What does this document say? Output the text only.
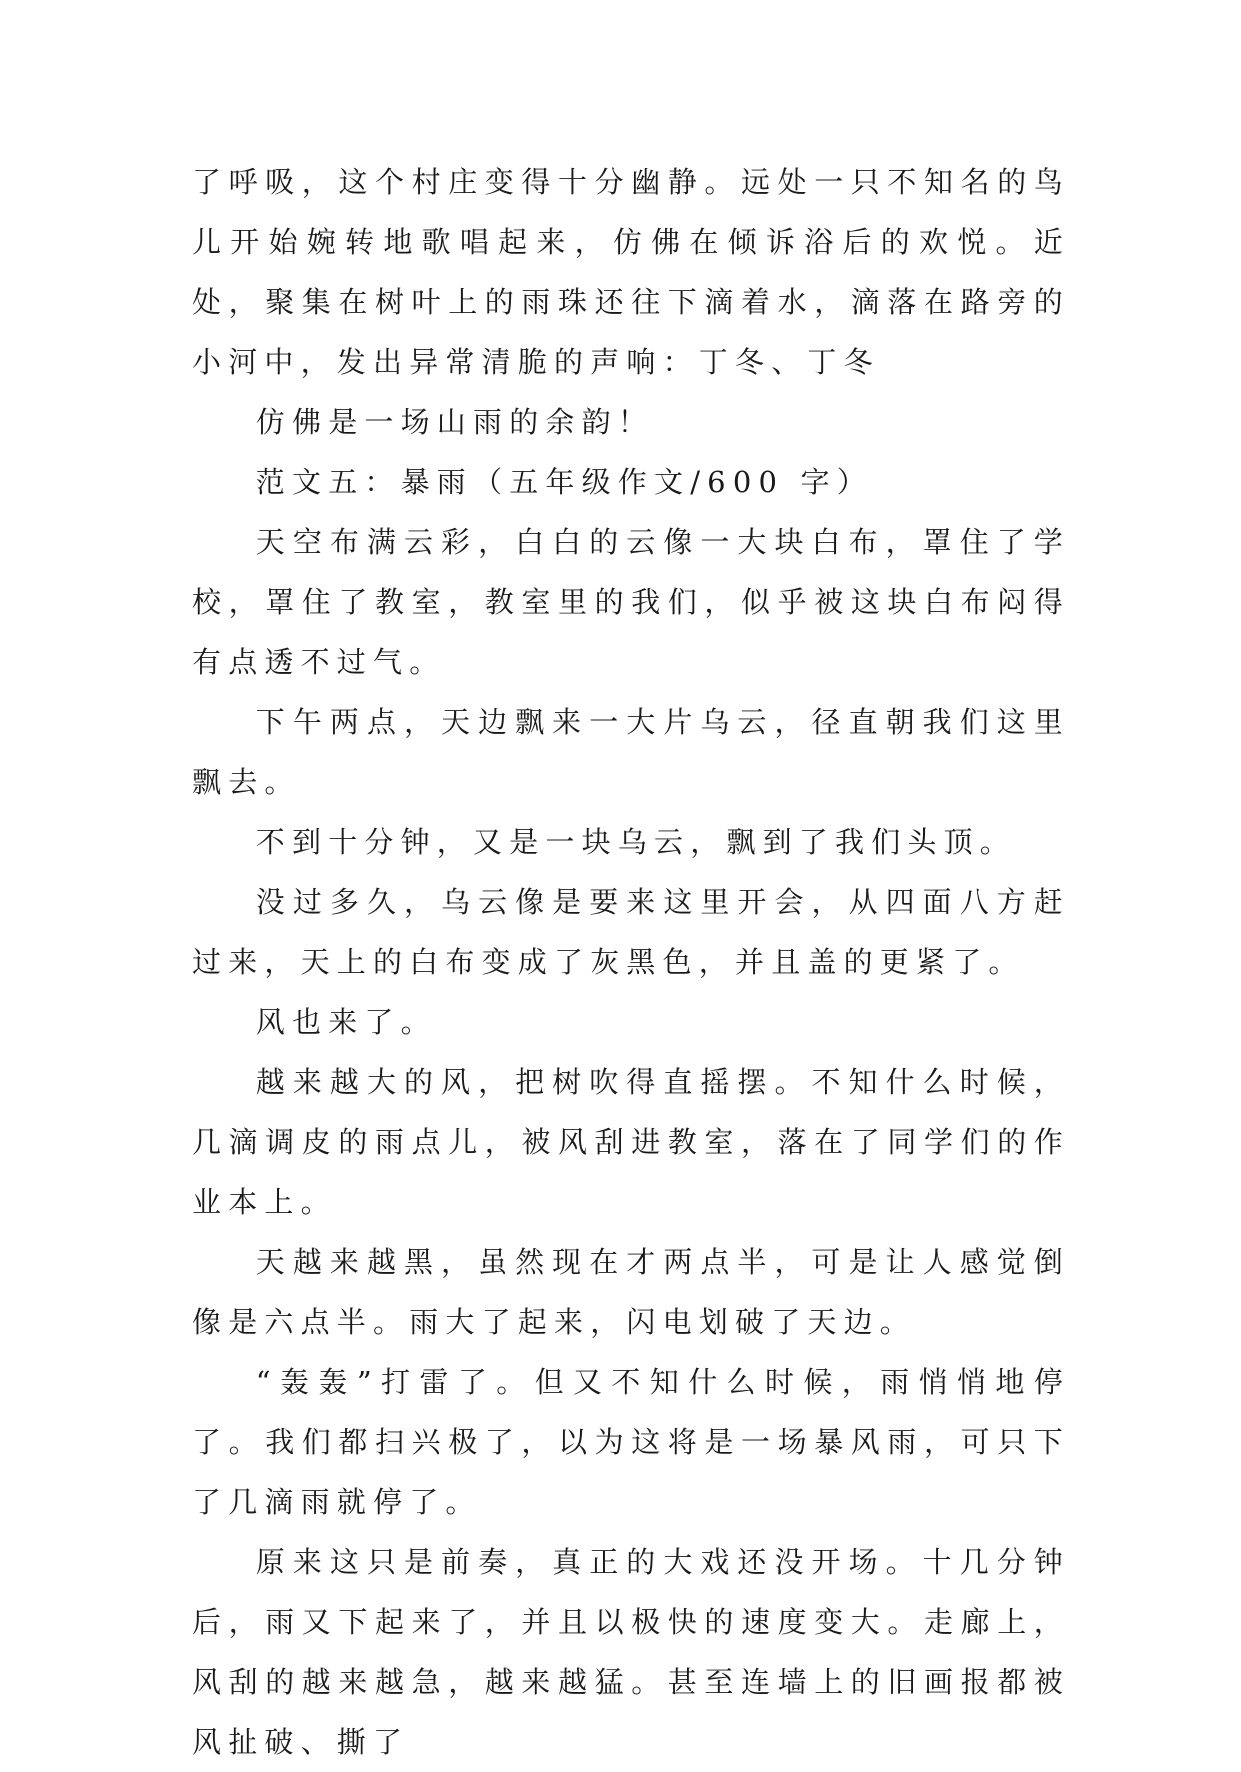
了呼吸，这个村庄变得十分幽静。远处一只不知名的鸟儿开始婉转地歌唱起来，仿佛在倾诉浴后的欢悦。近处，聚集在树叶上的雨珠还往下滴着水，滴落在路旁的小河中，发出异常清脆的声响：丁冬、丁冬

仿佛是一场山雨的余韵！

范文五：暴雨（五年级作文/600 字）

天空布满云彩，白白的云像一大块白布，罩住了学校，罩住了教室，教室里的我们，似乎被这块白布闷得有点透不过气。

下午两点，天边飘来一大片乌云，径直朝我们这里飘去。

不到十分钟，又是一块乌云，飘到了我们头顶。

没过多久，乌云像是要来这里开会，从四面八方赶过来，天上的白布变成了灰黑色，并且盖的更紧了。

风也来了。

越来越大的风，把树吹得直摇摆。不知什么时候，几滴调皮的雨点儿，被风刮进教室，落在了同学们的作业本上。

天越来越黑，虽然现在才两点半，可是让人感觉倒像是六点半。雨大了起来，闪电划破了天边。

“轰轰”打雷了。但又不知什么时候，雨悄悄地停了。我们都扫兴极了，以为这将是一场暴风雨，可只下了几滴雨就停了。

原来这只是前奏，真正的大戏还没开场。十几分钟后，雨又下起来了，并且以极快的速度变大。走廊上，风刮的越来越急，越来越猛。甚至连墙上的旧画报都被风扯破、撕了
